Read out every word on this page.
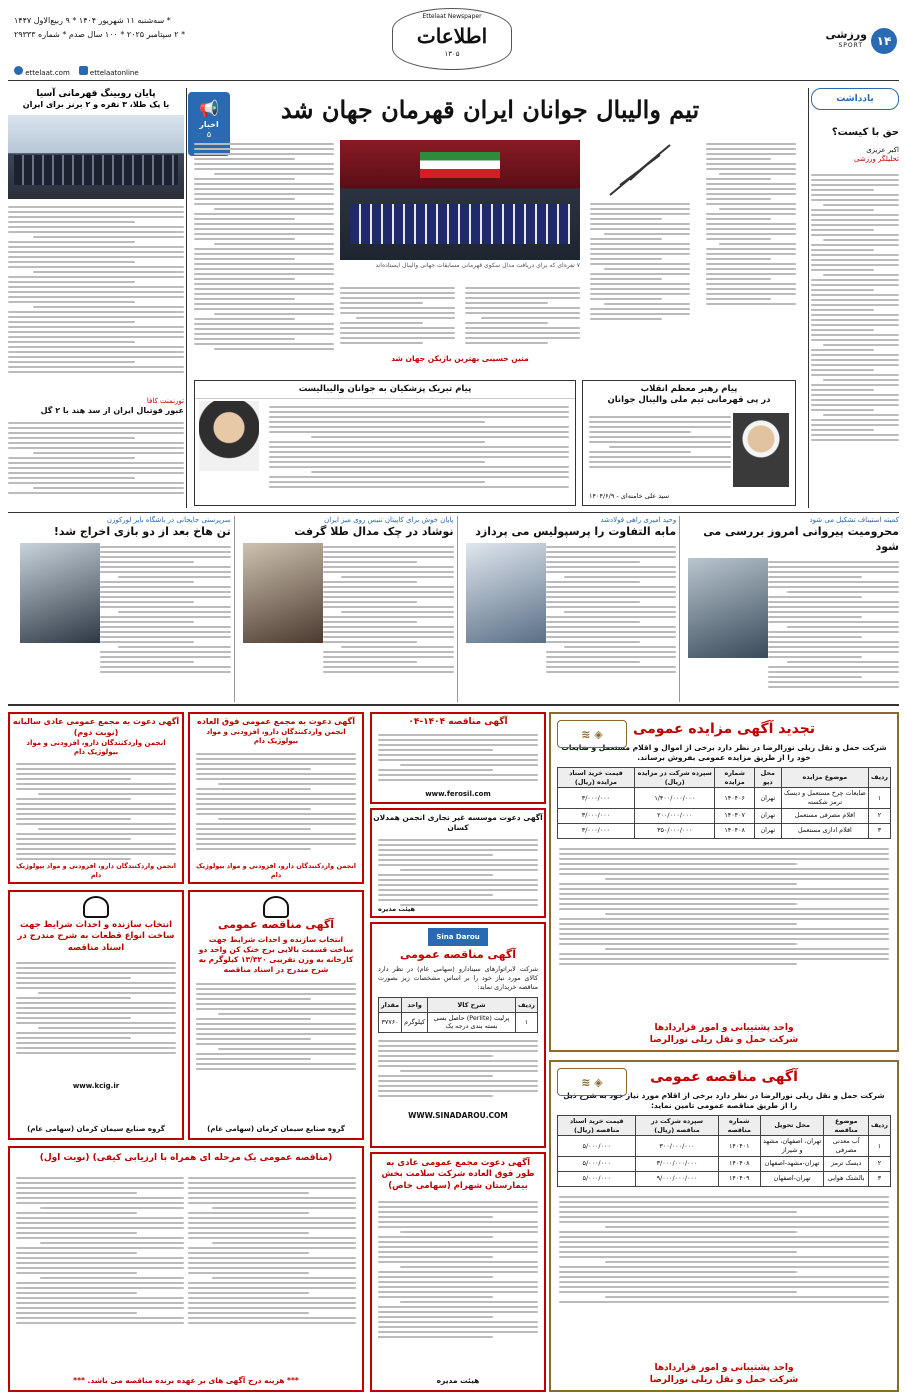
۱۴
ورزشی
SPORT
Ettelaat Newspaper
اطلاعات
۱۳۰۵
* سه‌شنبه ۱۱ شهریور ۱۴۰۴ * ۹ ربیع‌الاول ۱۴۴۷
* ۲ سپتامبر ۲۰۲۵ * ۱۰۰ سال صدم * شماره ۲۹۳۳۳
ettelaat.com	ettelaatonline
یادداشت
حق با کیست؟
اکبر عزیزی
تحلیلگر ورزشی
تیم والیبال جوانان ایران قهرمان جهان شد
📢
اخبار
۵
پایان رویینگ قهرمانی آسیا
با یک طلا، ۳ نقره و ۲ برنز برای ایران
تورنمنت کافا
عبور فوتبال ایران از سد هند با ۲ گل
۷ نفره‌ای که برای دریافت مدال سکوی قهرمانی مسابقات جهانی والیبال ایستاده‌اند
متین حسینی بهترین بازیکن جهان شد
پیام تبریک پزشکیان به جوانان والیبالیست	پیام رهبر معظم انقلاب
در پی قهرمانی تیم ملی والیبال جوانان
سید علی خامنه‌ای - ۱۴۰۴/۶/۹
کمیته استیناف تشکیل می شود
محرومیت پیروانی امروز بررسی می شود
وحید امیری راهی فولادشد
مابه التفاوت را پرسپولیس می پردازد
پایان خوش برای کاپیتان تنیس روی میز ایران
نوشاد در چک مدال طلا گرفت
سرپرستی جایحانی در باشگاه بایر لورکوزن
تن هاخ بعد از دو بازی اخراج شد!
◈ ≋	تجدید آگهی مزایده عمومی
شرکت حمل و نقل ریلی نورالرضا در نظر دارد برخی از اموال و اقلام مستعمل و ضایعات خود را از طریق مزایده عمومی بفروش برساند.
ردیف	موضوع مزایده	محل دپو	شماره مزایده	سپرده شرکت در مزایده (ریال)	قیمت خرید اسناد مزایده (ریال)
۱	ضایعات چرخ مستعمل و دیسک ترمز شکسته	تهران	۱۴۰۴۰۶	۱/۴۰۰/۰۰۰/۰۰۰	۳/۰۰۰/۰۰۰
۲	اقلام مصرفی مستعمل	تهران	۱۴۰۴۰۷	۲۰۰/۰۰۰/۰۰۰	۳/۰۰۰/۰۰۰
۳	اقلام اداری مستعمل	تهران	۱۴۰۴۰۸	۳۵۰/۰۰۰/۰۰۰	۳/۰۰۰/۰۰۰
واحد پشتیبانی و امور قراردادها
شرکت حمل و نقل ریلی نورالرضا
◈ ≋	آگهی مناقصه عمومی
شرکت حمل و نقل ریلی نورالرضا در نظر دارد برخی از اقلام مورد نیاز خود به شرح ذیل را از طریق مناقصه عمومی تامین نماید:
ردیف	موضوع مناقصه	محل تحویل	شماره مناقصه	سپرده شرکت در مناقصه (ریال)	قیمت خرید اسناد مناقصه (ریال)
۱	آب معدنی مصرفی	تهران، اصفهان، مشهد و شیراز	۱۴۰۴۰۱	۳۰۰/۰۰۰/۰۰۰	۵/۰۰۰/۰۰۰
۲	دیسک ترمز	تهران-مشهد-اصفهان	۱۴۰۴۰۸	۳/۰۰۰/۰۰۰/۰۰۰	۵/۰۰۰/۰۰۰
۳	بالشتک هوایی	تهران-اصفهان	۱۴۰۴۰۹	۹/۰۰۰/۰۰۰/۰۰۰	۵/۰۰۰/۰۰۰
واحد پشتیبانی و امور قراردادها
شرکت حمل و نقل ریلی نورالرضا
آگهی مناقصه ۱۴۰۴-۰۴
www.ferosil.com
آگهی دعوت موسسه غیر تجاری انجمن همدلان کسان
هیئت مدیره
Sina Darou
آگهی مناقصه عمومی
شرکت لابراتوارهای سینادارو (سهامی عام) در نظر دارد کالای مورد نیاز خود را بر اساس مشخصات زیر بصورت مناقصه خریداری نماید:
ردیف	شرح کالا	واحد	مقدار
۱	پرلیت (Perlite) حاصل بسی بسته بندی درجه یک	کیلوگرم	۳۷۷۶۰
WWW.SINADAROU.COM
آگهی دعوت مجمع عمومی عادی به طور فوق العاده شرکت سلامت بخش بیمارستان شهرام (سهامی خاص)
هیئت مدیره
آگهی دعوت به مجمع عمومی فوق العاده
انجمن واردکنندگان دارو، افزودنی و مواد بیولوژیک دام
انجمن واردکنندگان دارو، افزودنی و مواد بیولوژیک دام
آگهی دعوت به مجمع عمومی عادی سالیانه (نوبت دوم)
انجمن واردکنندگان دارو، افزودنی و مواد بیولوژیک دام
انجمن واردکنندگان دارو، افزودنی و مواد بیولوژیک دام
آگهی مناقصه عمومی
انتخاب سازنده و احداث شرایط جهت ساخت قسمت بالایی برج خنک کن واحد دو کارخانه به وزن تقریبی ۱۳/۳۲۰ کیلوگرم به شرح مندرج در اسناد مناقصه
گروه صنایع سیمان کرمان (سهامی عام)
انتخاب سازنده و احداث شرایط جهت ساخت انواع قطعات به شرح مندرج در اسناد مناقصه
www.kcig.ir
گروه صنایع سیمان کرمان (سهامی عام)
(مناقصه عمومی یک مرحله ای همراه با ارزیابی کیفی) (نوبت اول)
*** هزینه درج آگهی های بر عهده برنده مناقصه می باشد. ***
